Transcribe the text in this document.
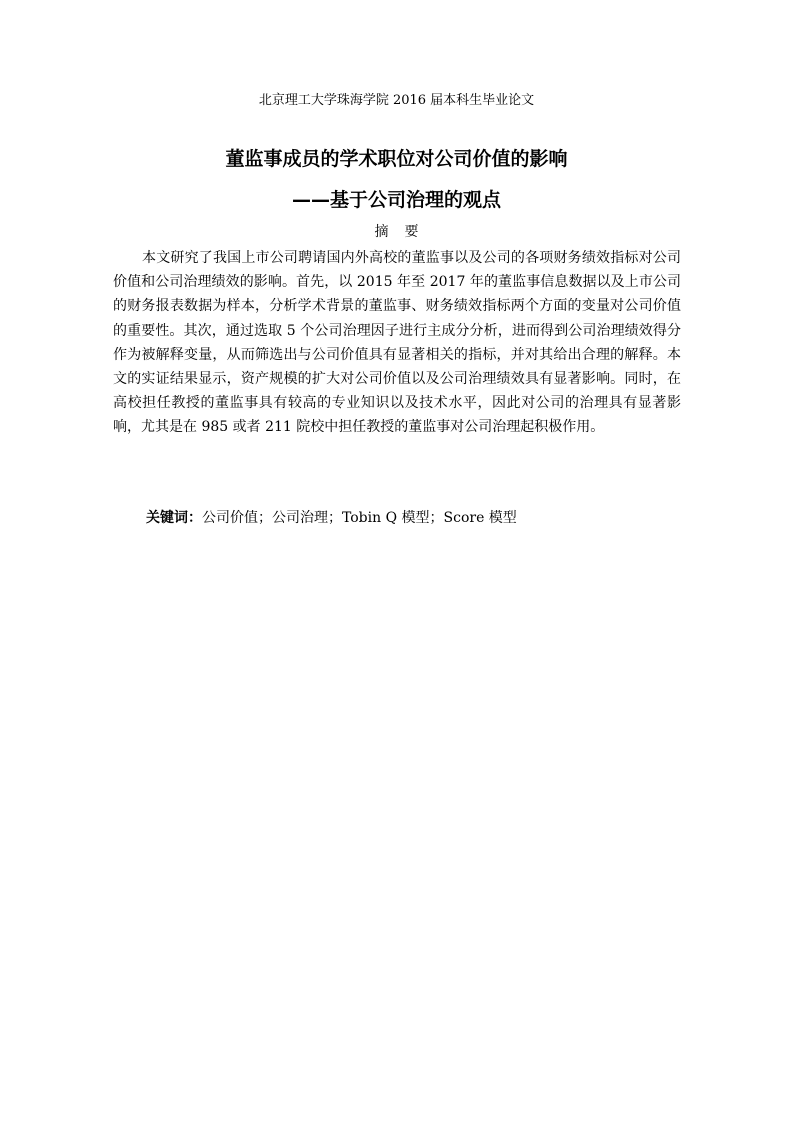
北京理工大学珠海学院 2016 届本科生毕业论文
董监事成员的学术职位对公司价值的影响
——基于公司治理的观点
摘要

本文研究了我国上市公司聘请国内外高校的董监事以及公司的各项财务绩效指标对公司价值和公司治理绩效的影响。首先，以 2015 年至 2017 年的董监事信息数据以及上市公司的财务报表数据为样本，分析学术背景的董监事、财务绩效指标两个方面的变量对公司价值的重要性。其次，通过选取 5 个公司治理因子进行主成分分析，进而得到公司治理绩效得分作为被解释变量，从而筛选出与公司价值具有显著相关的指标，并对其给出合理的解释。本文的实证结果显示，资产规模的扩大对公司价值以及公司治理绩效具有显著影响。同时，在高校担任教授的董监事具有较高的专业知识以及技术水平，因此对公司的治理具有显著影响，尤其是在 985 或者 211 院校中担任教授的董监事对公司治理起积极作用。

关键词：公司价值；公司治理；Tobin Q 模型；Score 模型
